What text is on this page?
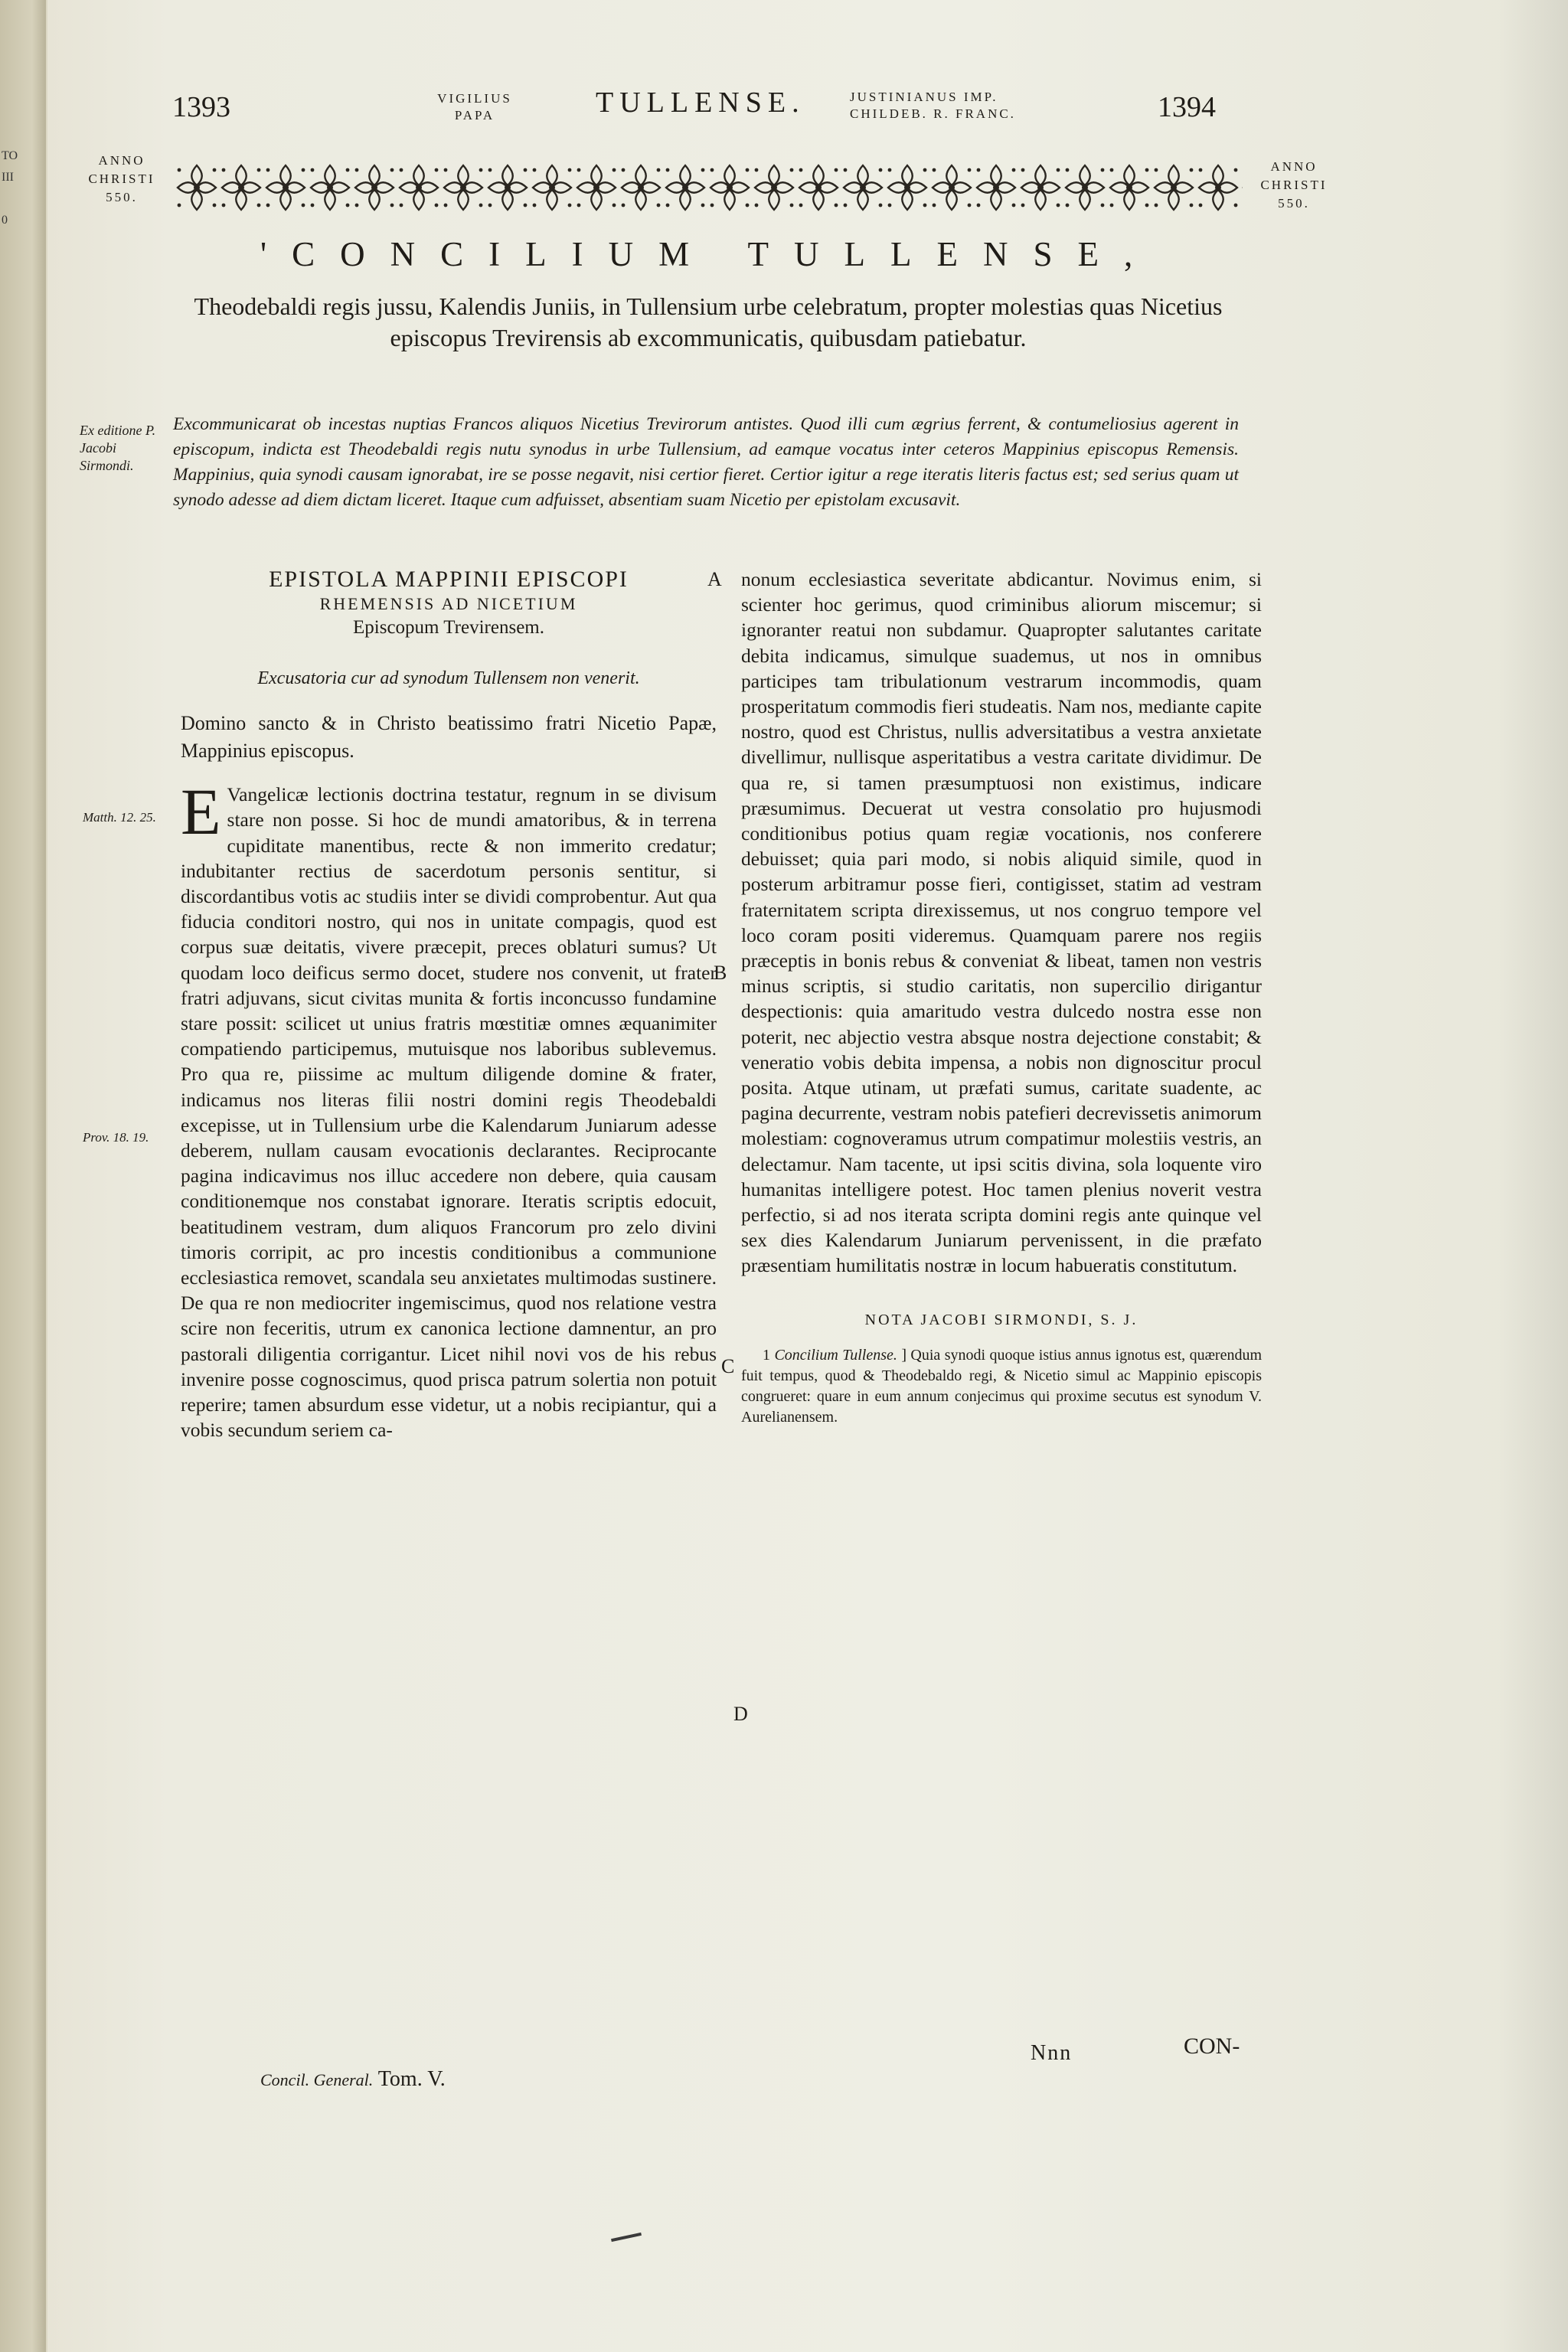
TO
III

0
1393	VIGILIUS
PAPA	TULLENSE.	JUSTINIANUS IMP.
CHILDEB. R. FRANC.	1394
ANNO
CHRISTI
550.
ANNO
CHRISTI
550.
'CONCILIUM TULLENSE,
Theodebaldi regis jussu, Kalendis Juniis, in Tullensium urbe celebratum, propter molestias quas Nicetius episcopus Trevirensis ab excommunicatis, quibusdam patiebatur.
Ex editione P. Jacobi Sirmondi.
Excommunicarat ob incestas nuptias Francos aliquos Nicetius Trevirorum antistes. Quod illi cum ægrius ferrent, & contumeliosius agerent in episcopum, indicta est Theodebaldi regis nutu synodus in urbe Tullensium, ad eamque vocatus inter ceteros Mappinius episcopus Remensis. Mappinius, quia synodi causam ignorabat, ire se posse negavit, nisi certior fieret. Certior igitur a rege iteratis literis factus est; sed serius quam ut synodo adesse ad diem dictam liceret. Itaque cum adfuisset, absentiam suam Nicetio per epistolam excusavit.
EPISTOLA MAPPINII EPISCOPI
RHEMENSIS AD NICETIUM
Episcopum Trevirensem.
Excusatoria cur ad synodum Tullensem non venerit.
Domino sancto & in Christo beatissimo fratri Nicetio Papæ, Mappinius episcopus.
E Vangelicæ lectionis doctrina testatur, regnum in se divisum stare non posse. Si hoc de mundi amatoribus, & in terrena cupiditate manentibus, recte & non immerito credatur; indubitanter rectius de sacerdotum personis sentitur, si discordantibus votis ac studiis inter se dividi comprobentur. Aut qua fiducia conditori nostro, qui nos in unitate compagis, quod est corpus suæ deitatis, vivere præcepit, preces oblaturi sumus? Ut quodam loco deificus sermo docet, studere nos convenit, ut frater fratri adjuvans, sicut civitas munita & fortis inconcusso fundamine stare possit: scilicet ut unius fratris mœstitiæ omnes æquanimiter compatiendo participemus, mutuisque nos laboribus sublevemus. Pro qua re, piissime ac multum diligende domine & frater, indicamus nos literas filii nostri domini regis Theodebaldi excepisse, ut in Tullensium urbe die Kalendarum Juniarum adesse deberem, nullam causam evocationis declarantes. Reciprocante pagina indicavimus nos illuc accedere non debere, quia causam conditionemque nos constabat ignorare. Iteratis scriptis edocuit, beatitudinem vestram, dum aliquos Francorum pro zelo divini timoris corripit, ac pro incestis conditionibus a communione ecclesiastica removet, scandala seu anxietates multimodas sustinere. De qua re non mediocriter ingemiscimus, quod nos relatione vestra scire non feceritis, utrum ex canonica lectione damnentur, an pro pastorali diligentia corrigantur. Licet nihil novi vos de his rebus invenire posse cognoscimus, quod prisca patrum solertia non potuit reperire; tamen absurdum esse videtur, ut a nobis recipiantur, qui a vobis secundum seriem ca-
nonum ecclesiastica severitate abdicantur. Novimus enim, si scienter hoc gerimus, quod criminibus aliorum miscemur; si ignoranter reatui non subdamur. Quapropter salutantes caritate debita indicamus, simulque suademus, ut nos in omnibus participes tam tribulationum vestrarum incommodis, quam prosperitatum commodis fieri studeatis. Nam nos, mediante capite nostro, quod est Christus, nullis adversitatibus a vestra anxietate divellimur, nullisque asperitatibus a vestra caritate dividimur. De qua re, si tamen præsumptuosi non existimus, indicare præsumimus. Decuerat ut vestra consolatio pro hujusmodi conditionibus potius quam regiæ vocationis, nos conferere debuisset; quia pari modo, si nobis aliquid simile, quod in posterum arbitramur posse fieri, contigisset, statim ad vestram fraternitatem scripta direxissemus, ut nos congruo tempore vel loco coram positi videremus. Quamquam parere nos regiis præceptis in bonis rebus & conveniat & libeat, tamen non vestris minus scriptis, si studio caritatis, non supercilio dirigantur despectionis: quia amaritudo vestra dulcedo nostra esse non poterit, nec abjectio vestra absque nostra dejectione constabit; & veneratio vobis debita impensa, a nobis non dignoscitur procul posita. Atque utinam, ut præfati sumus, caritate suadente, ac pagina decurrente, vestram nobis patefieri decrevissetis animorum molestiam: cognoveramus utrum compatimur molestiis vestris, an delectamur. Nam tacente, ut ipsi scitis divina, sola loquente viro humanitas intelligere potest. Hoc tamen plenius noverit vestra perfectio, si ad nos iterata scripta domini regis ante quinque vel sex dies Kalendarum Juniarum pervenissent, in die præfato præsentiam humilitatis nostræ in locum habueratis constitutum.
NOTA JACOBI SIRMONDI, S. J.
1 Concilium Tullense. ] Quia synodi quoque istius annus ignotus est, quærendum fuit tempus, quod & Theodebaldo regi, & Nicetio simul ac Mappinio episcopis congrueret: quare in eum annum conjecimus qui proxime secutus est synodum V. Aurelianensem.
Matth. 12. 25.
Prov. 18. 19.
A
B
C
D
Nnn	CON-
Concil. General. Tom. V.
